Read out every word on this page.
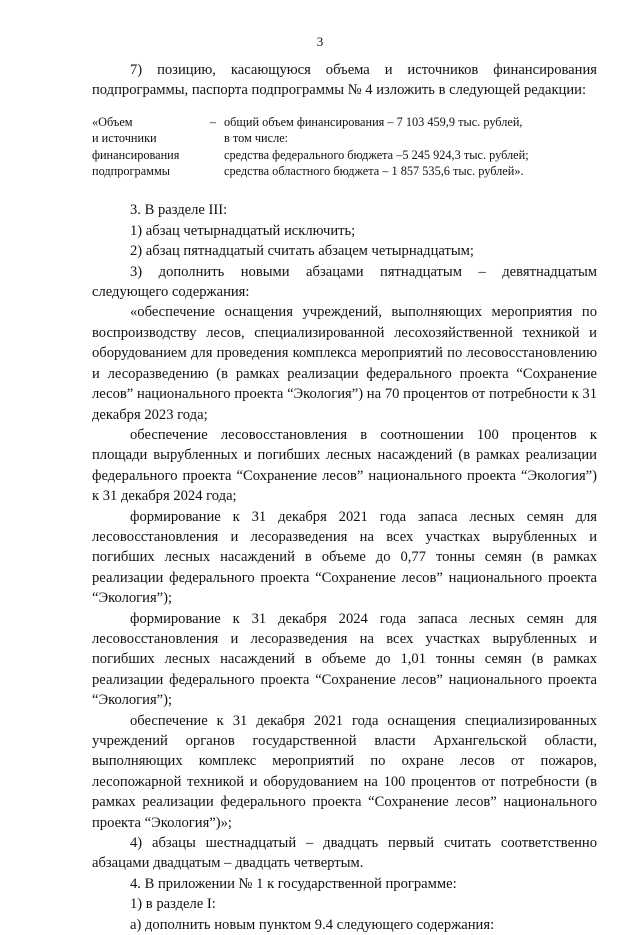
3

7) позицию, касающуюся объема и источников финансирования подпрограммы, паспорта подпрограммы № 4 изложить в следующей редакции:

«Объем
и источники
финансирования
подпрограммы
– общий объем финансирования – 7 103 459,9 тыс. рублей,
в том числе:
средства федерального бюджета –5 245 924,3 тыс. рублей;
средства областного бюджета – 1 857 535,6 тыс. рублей».

3. В разделе III:

1) абзац четырнадцатый исключить;

2) абзац пятнадцатый считать абзацем четырнадцатым;

3) дополнить новыми абзацами пятнадцатым – девятнадцатым следующего содержания:

«обеспечение оснащения учреждений, выполняющих мероприятия по воспроизводству лесов, специализированной лесохозяйственной техникой и оборудованием для проведения комплекса мероприятий по лесовосстановлению и лесоразведению (в рамках реализации федерального проекта “Сохранение лесов” национального проекта “Экология”) на 70 процентов от потребности к 31 декабря 2023 года;

обеспечение лесовосстановления в соотношении 100 процентов к площади вырубленных и погибших лесных насаждений (в рамках реализации федерального проекта “Сохранение лесов” национального проекта “Экология”) к 31 декабря 2024 года;

формирование к 31 декабря 2021 года запаса лесных семян для лесовосстановления и лесоразведения на всех участках вырубленных и погибших лесных насаждений в объеме до 0,77 тонны семян (в рамках реализации федерального проекта “Сохранение лесов” национального проекта “Экология”);

формирование к 31 декабря 2024 года запаса лесных семян для лесовосстановления и лесоразведения на всех участках вырубленных и погибших лесных насаждений в объеме до 1,01 тонны семян (в рамках реализации федерального проекта “Сохранение лесов” национального проекта “Экология”);

обеспечение к 31 декабря 2021 года оснащения специализированных учреждений органов государственной власти Архангельской области, выполняющих комплекс мероприятий по охране лесов от пожаров, лесопожарной техникой и оборудованием на 100 процентов от потребности (в рамках реализации федерального проекта “Сохранение лесов” национального проекта “Экология”)»;

4) абзацы шестнадцатый – двадцать первый считать соответственно абзацами двадцатым – двадцать четвертым.

4. В приложении № 1 к государственной программе:

1) в разделе I:

а) дополнить новым пунктом 9.4 следующего содержания:
